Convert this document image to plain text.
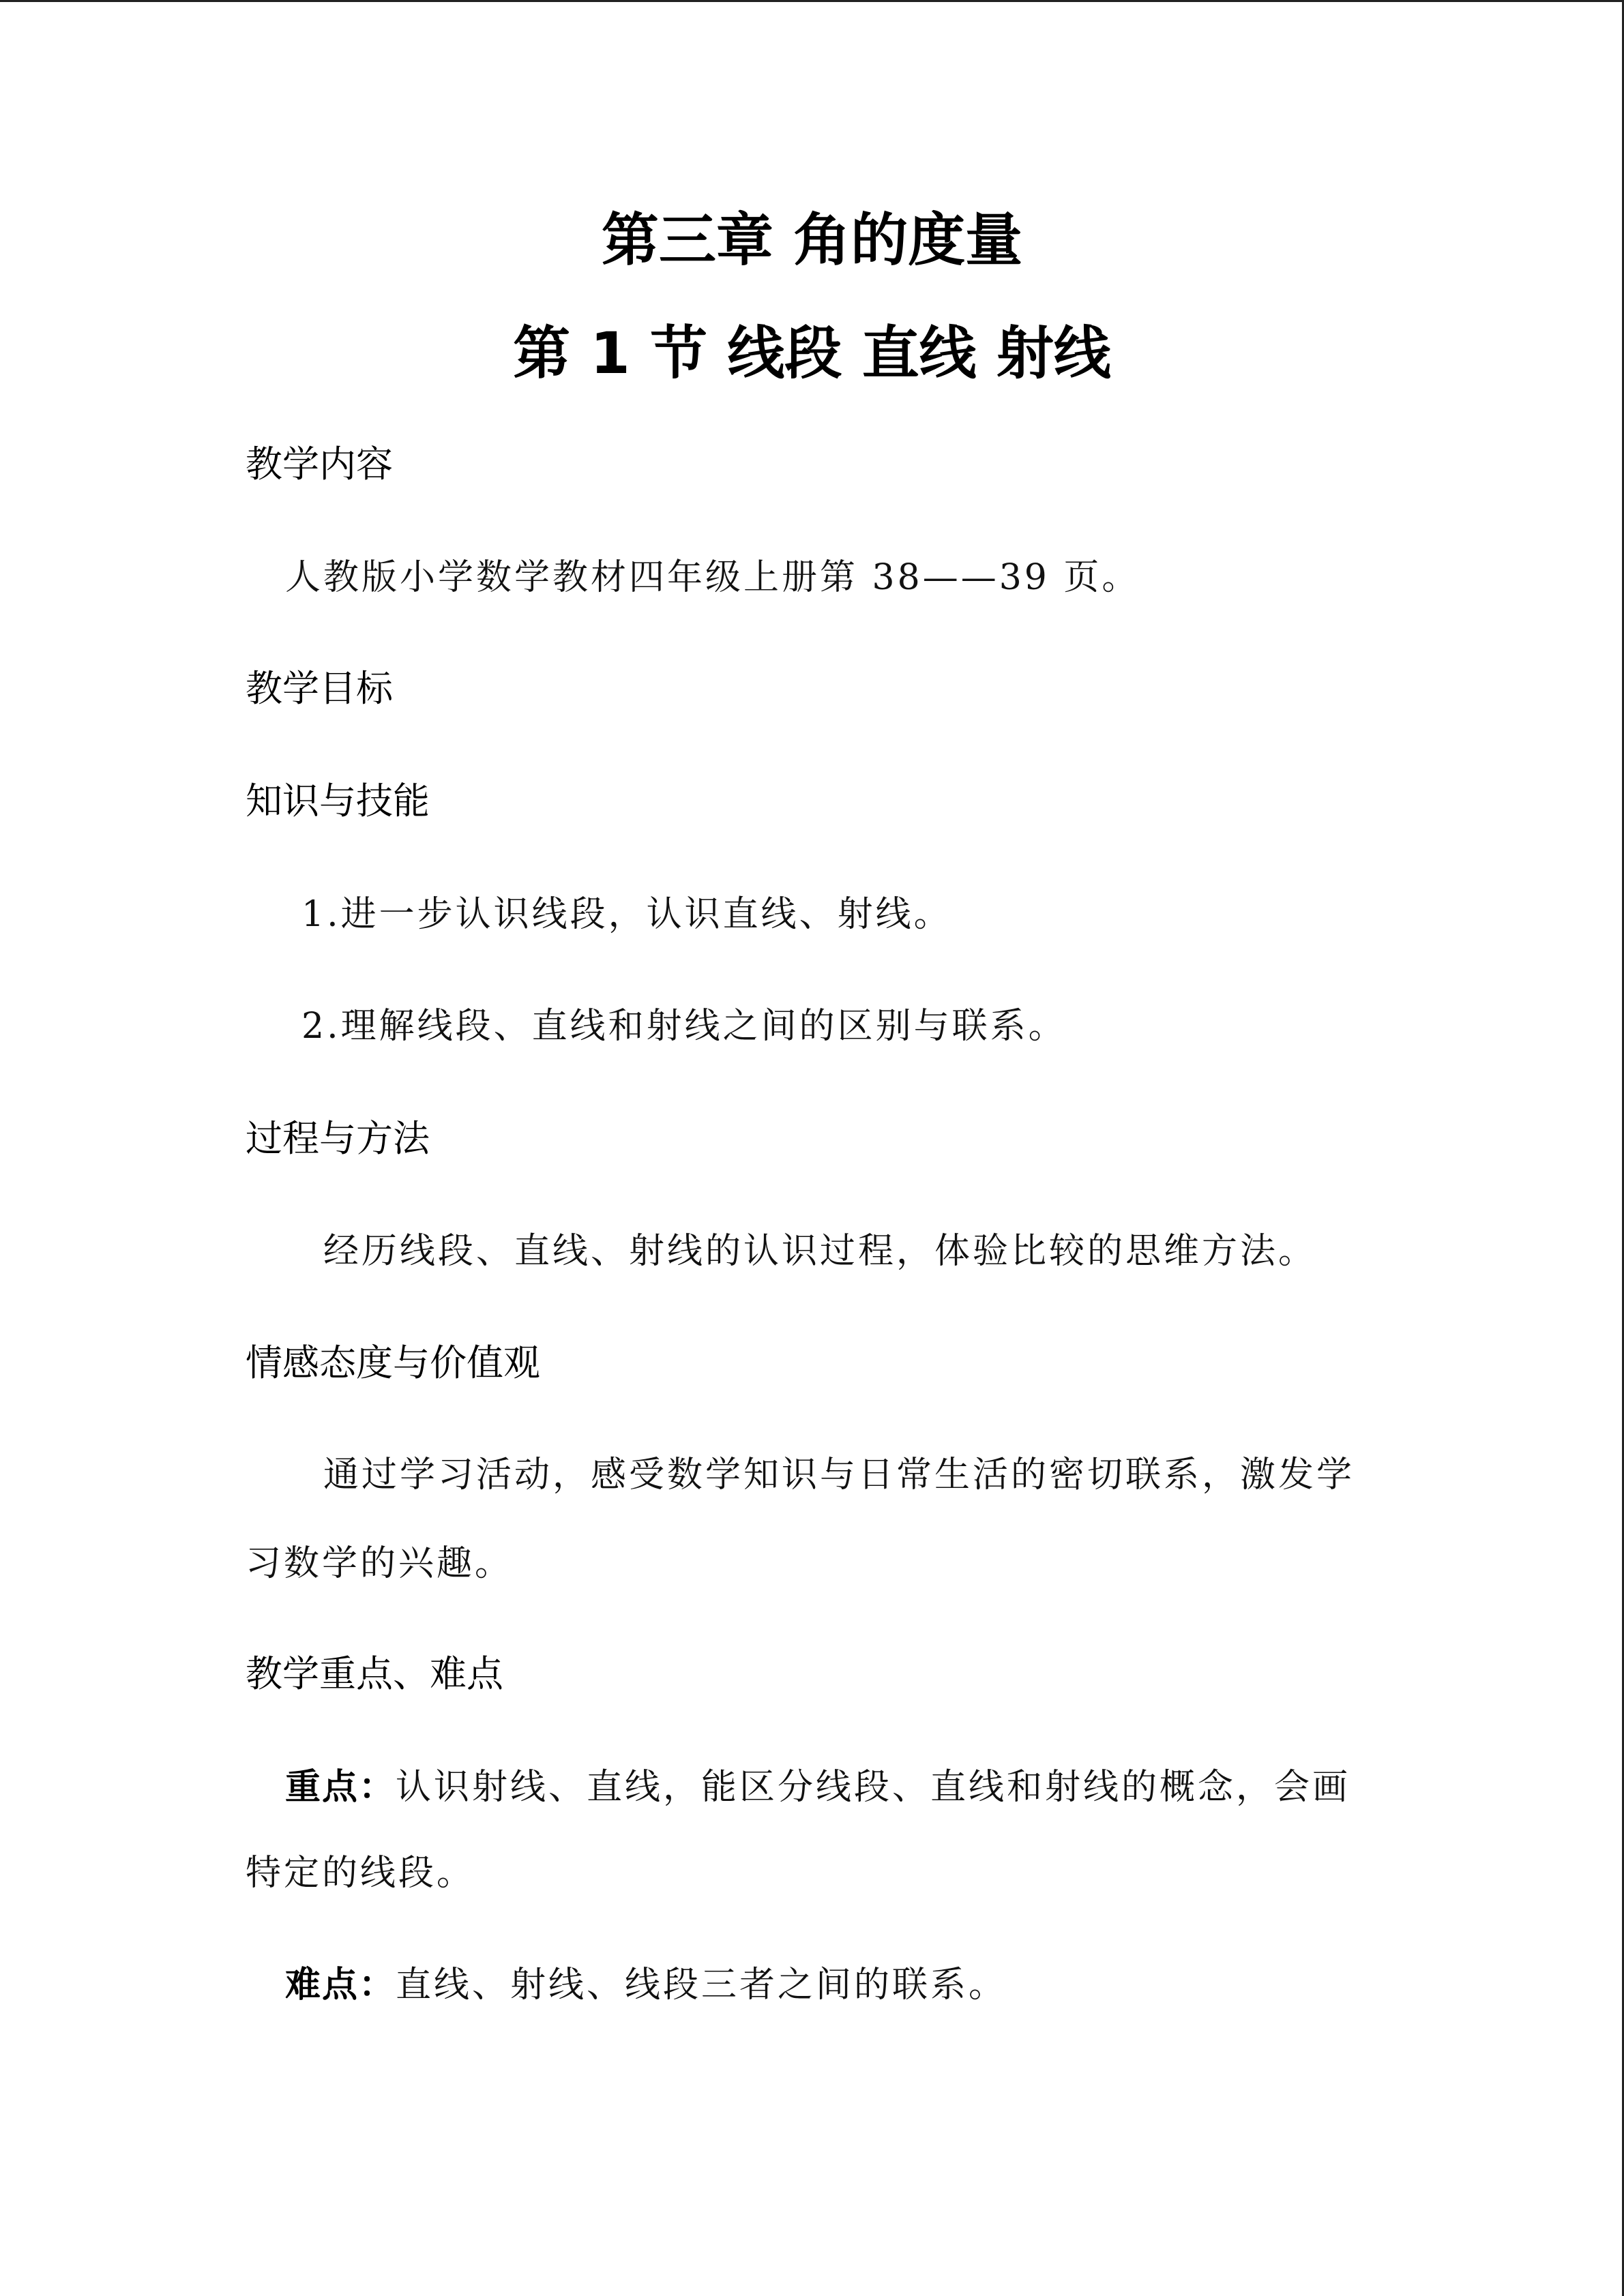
第三章 角的度量
第 1 节 线段 直线 射线
教学内容
人教版小学数学教材四年级上册第 38——39 页。
教学目标
知识与技能
1.进一步认识线段，认识直线、射线。
2.理解线段、直线和射线之间的区别与联系。
过程与方法
经历线段、直线、射线的认识过程，体验比较的思维方法。
情感态度与价值观
通过学习活动，感受数学知识与日常生活的密切联系，激发学
习数学的兴趣。
教学重点、难点
重点：认识射线、直线，能区分线段、直线和射线的概念，会画
特定的线段。
难点：直线、射线、线段三者之间的联系。
